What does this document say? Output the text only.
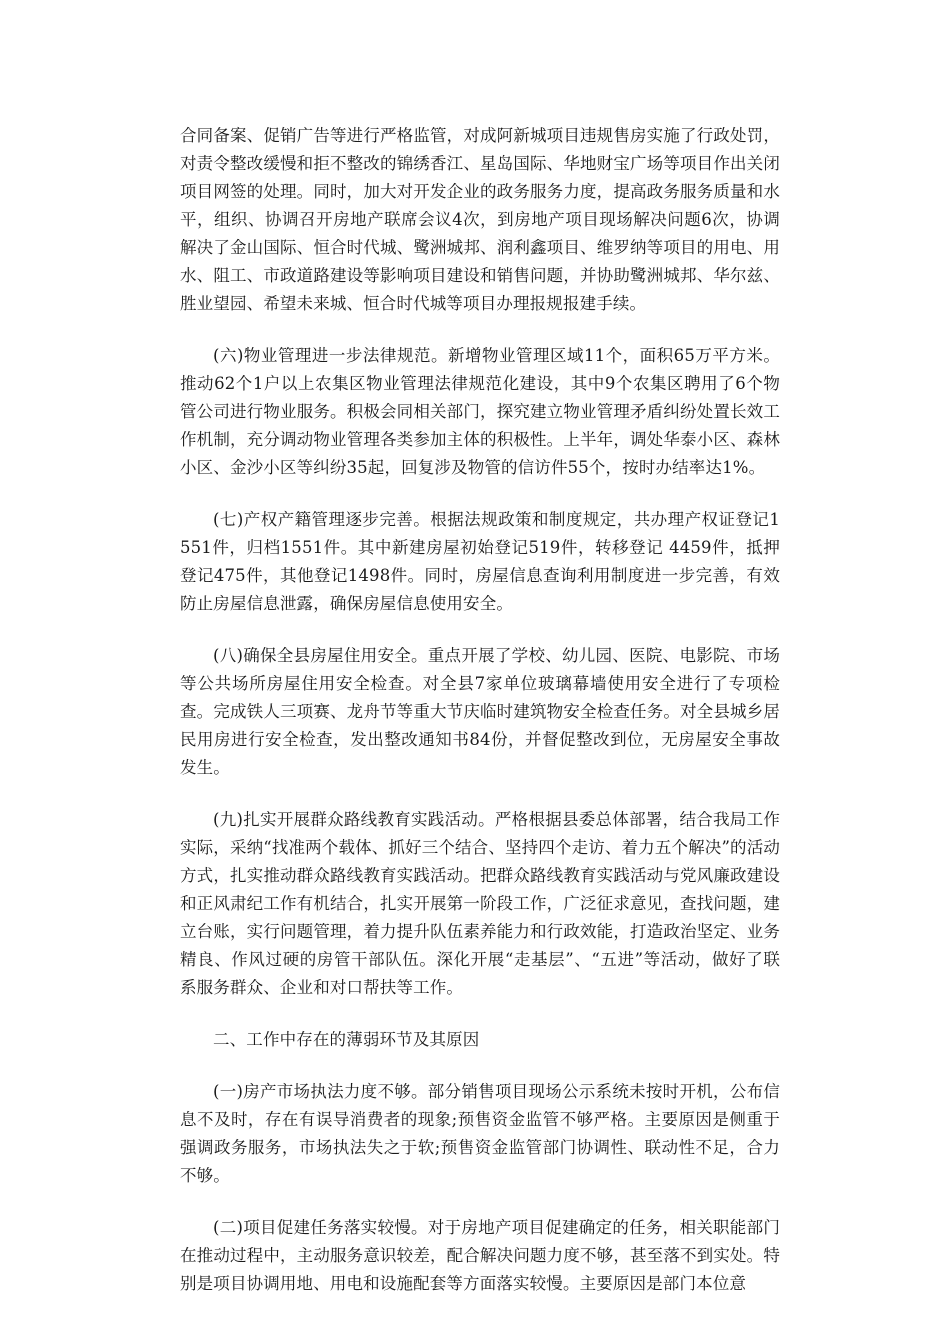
合同备案、促销广告等进行严格监管，对成阿新城项目违规售房实施了行政处罚，对责令整改缓慢和拒不整改的锦绣香江、星岛国际、华地财宝广场等项目作出关闭项目网签的处理。同时，加大对开发企业的政务服务力度，提高政务服务质量和水平，组织、协调召开房地产联席会议4次，到房地产项目现场解决问题6次，协调解决了金山国际、恒合时代城、鹭洲城邦、润利鑫项目、维罗纳等项目的用电、用水、阻工、市政道路建设等影响项目建设和销售问题，并协助鹭洲城邦、华尔兹、胜业望园、希望未来城、恒合时代城等项目办理报规报建手续。

(六)物业管理进一步法律规范。新增物业管理区域11个，面积65万平方米。推动62个1户以上农集区物业管理法律规范化建设，其中9个农集区聘用了6个物管公司进行物业服务。积极会同相关部门，探究建立物业管理矛盾纠纷处置长效工作机制，充分调动物业管理各类参加主体的积极性。上半年，调处华泰小区、森林小区、金沙小区等纠纷35起，回复涉及物管的信访件55个，按时办结率达1%。

(七)产权产籍管理逐步完善。根据法规政策和制度规定，共办理产权证登记1551件，归档1551件。其中新建房屋初始登记519件，转移登记 4459件，抵押登记475件，其他登记1498件。同时，房屋信息查询利用制度进一步完善，有效防止房屋信息泄露，确保房屋信息使用安全。

(八)确保全县房屋住用安全。重点开展了学校、幼儿园、医院、电影院、市场等公共场所房屋住用安全检查。对全县7家单位玻璃幕墙使用安全进行了专项检查。完成铁人三项赛、龙舟节等重大节庆临时建筑物安全检查任务。对全县城乡居民用房进行安全检查，发出整改通知书84份，并督促整改到位，无房屋安全事故发生。

(九)扎实开展群众路线教育实践活动。严格根据县委总体部署，结合我局工作实际，采纳“找准两个载体、抓好三个结合、坚持四个走访、着力五个解决”的活动方式，扎实推动群众路线教育实践活动。把群众路线教育实践活动与党风廉政建设和正风肃纪工作有机结合，扎实开展第一阶段工作，广泛征求意见，查找问题，建立台账，实行问题管理，着力提升队伍素养能力和行政效能，打造政治坚定、业务精良、作风过硬的房管干部队伍。深化开展“走基层”、“五进”等活动，做好了联系服务群众、企业和对口帮扶等工作。

二、工作中存在的薄弱环节及其原因

(一)房产市场执法力度不够。部分销售项目现场公示系统未按时开机，公布信息不及时，存在有误导消费者的现象;预售资金监管不够严格。主要原因是侧重于强调政务服务，市场执法失之于软;预售资金监管部门协调性、联动性不足，合力不够。

(二)项目促建任务落实较慢。对于房地产项目促建确定的任务，相关职能部门在推动过程中，主动服务意识较差，配合解决问题力度不够，甚至落不到实处。特别是项目协调用地、用电和设施配套等方面落实较慢。主要原因是部门本位意
